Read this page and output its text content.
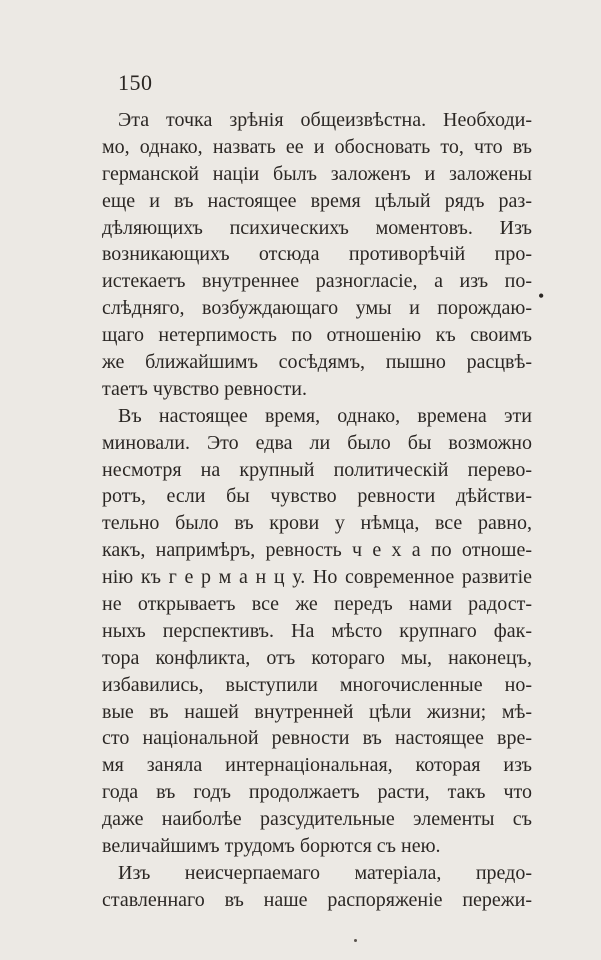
150
Эта точка зрѣнія общеизвѣстна. Необходи-
мо, однако, назвать ее и обосновать то, что въ
германской націи былъ заложенъ и заложены
еще и въ настоящее время цѣлый рядъ раз-
дѣляющихъ психическихъ моментовъ. Изъ
возникающихъ отсюда противорѣчій про-
истекаетъ внутреннее разногласіе, а изъ по-
слѣдняго, возбуждающаго умы и порождаю-
щаго нетерпимость по отношенію къ своимъ
же ближайшимъ сосѣдямъ, пышно расцвѣ-
таетъ чувство ревности.
Въ настоящее время, однако, времена эти
миновали. Это едва ли было бы возможно
несмотря на крупный политическій перево-
ротъ, если бы чувство ревности дѣйстви-
тельно было въ крови у нѣмца, все равно,
какъ, напримѣръ, ревность ч е х а по отноше-
нію къ г е р м а н ц у. Но современное развитіе
не открываетъ все же передъ нами радост-
ныхъ перспективъ. На мѣсто крупнаго фак-
тора конфликта, отъ котораго мы, наконецъ,
избавились, выступили многочисленные но-
вые въ нашей внутренней цѣли жизни; мѣ-
сто національной ревности въ настоящее вре-
мя заняла интернаціональная, которая изъ
года въ годъ продолжаетъ расти, такъ что
даже наиболѣе разсудительные элементы съ
величайшимъ трудомъ борются съ нею.
Изъ неисчерпаемаго матеріала, предо-
ставленнаго въ наше распоряженіе пережи-
•
